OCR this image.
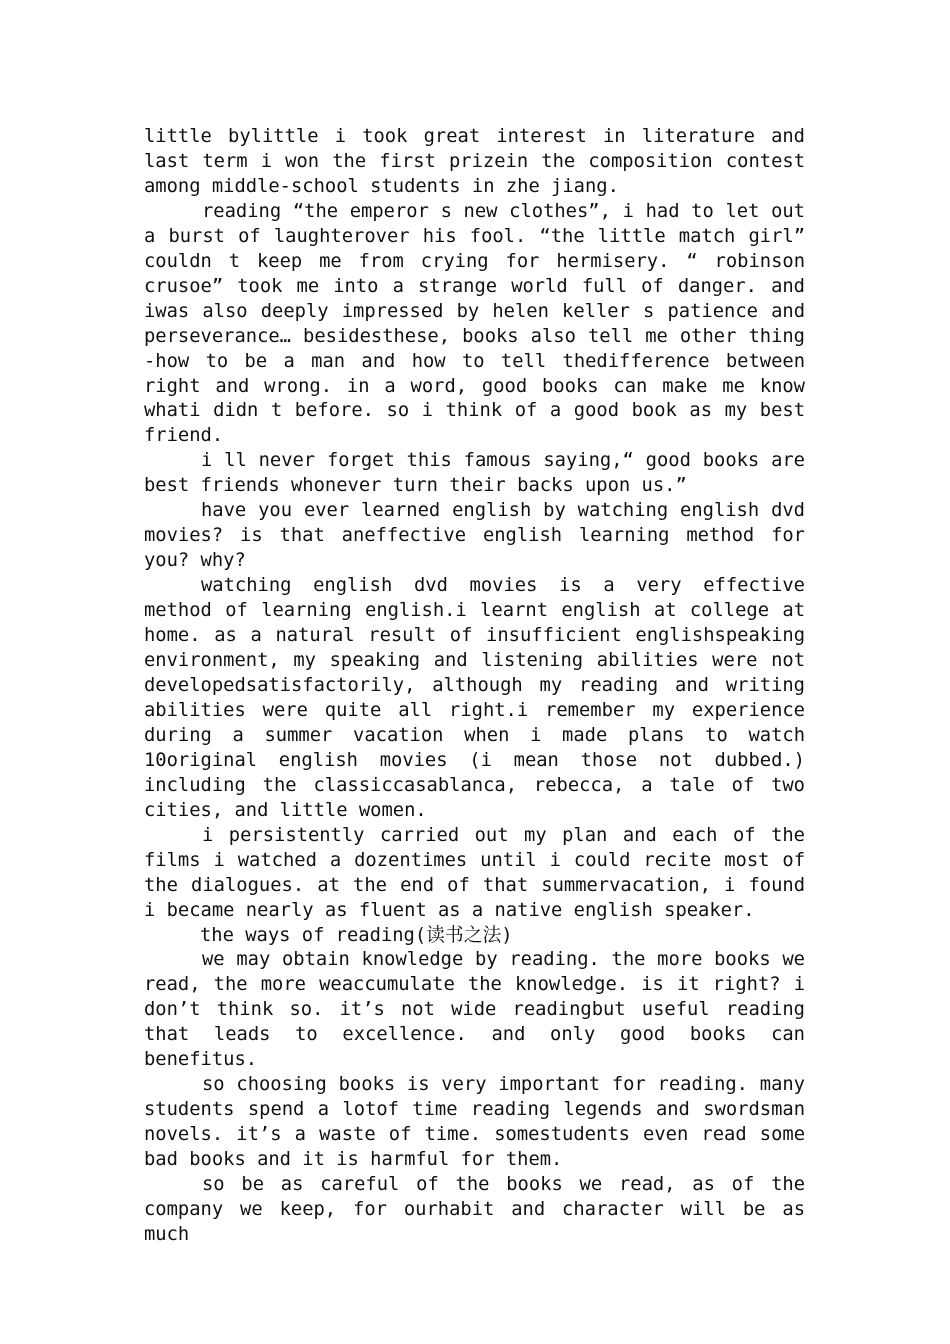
little bylittle i took great interest in literature and last term i won the first prizein the composition contest among middle-school students in zhe jiang.

reading “the emperor s new clothes”, i had to let out a burst of laughterover his fool. “the little match girl” couldn t keep me from crying for hermisery. “ robinson crusoe” took me into a strange world full of danger. and iwas also deeply impressed by helen keller s patience and perseverance… besidesthese, books also tell me other thing -how to be a man and how to tell thedifference between right and wrong. in a word, good books can make me know whati didn t before. so i think of a good book as my best friend.

i ll never forget this famous saying,“ good books are best friends whonever turn their backs upon us.”

have you ever learned english by watching english dvd movies? is that aneffective english learning method for you? why?

watching english dvd movies is a very effective method of learning english.i learnt english at college at home. as a natural result of insufficient englishspeaking environment, my speaking and listening abilities were not developedsatisfactorily, although my reading and writing abilities were quite all right.i remember my experience during a summer vacation when i made plans to watch 10original english movies (i mean those not dubbed.) including the classiccasablanca, rebecca, a tale of two cities, and little women.

i persistently carried out my plan and each of the films i watched a dozentimes until i could recite most of the dialogues. at the end of that summervacation, i found i became nearly as fluent as a native english speaker.

the ways of reading(读书之法)

we may obtain knowledge by reading. the more books we read, the more weaccumulate the knowledge. is it right? i don’t think so. it’s not wide readingbut useful reading that leads to excellence. and only good books can benefitus.

so choosing books is very important for reading. many students spend a lotof time reading legends and swordsman novels. it’s a waste of time. somestudents even read some bad books and it is harmful for them.

so be as careful of the books we read, as of the company we keep, for ourhabit and character will be as much
